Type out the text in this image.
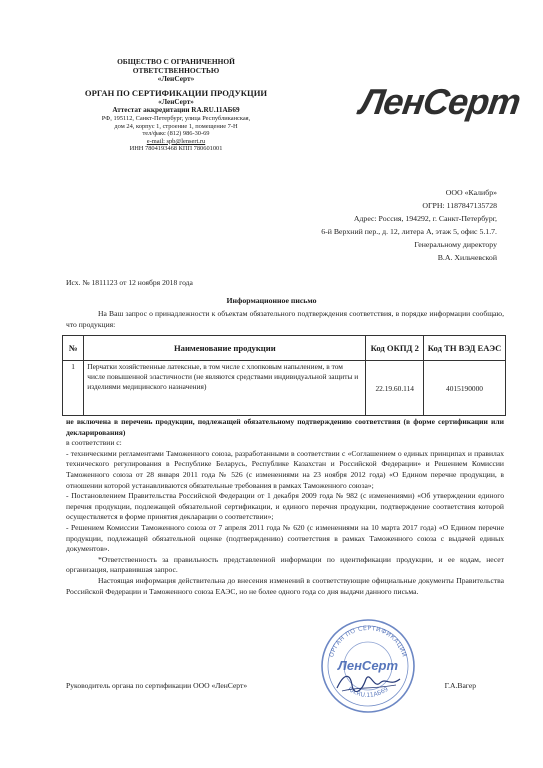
ОБЩЕСТВО С ОГРАНИЧЕННОЙ
ОТВЕТСТВЕННОСТЬЮ
«ЛенСерт»
ОРГАН ПО СЕРТИФИКАЦИИ ПРОДУКЦИИ
«ЛенСерт»
Аттестат аккредитации RA.RU.11АБ69
РФ, 195112, Санкт-Петербург, улица Республиканская,
дом 24, корпус 1, строение 1, помещение 7-Н
тел/факс (812) 986-30-69
e-mail: spb@lensert.ru
ИНН 7804193468 КПП 780601001
ЛенСерт
ООО «Калибр»
ОГРН: 1187847135728
Адрес: Россия, 194292, г. Санкт-Петербург,
6-й Верхний пер., д. 12, литера А, этаж 5, офис 5.1.7.
Генеральному директору
В.А. Хильчевской
Исх. № 1811123 от 12 ноября 2018 года
Информационное письмо
На Ваш запрос о принадлежности к объектам обязательного подтверждения соответствия, в порядке информации сообщаю, что продукция:
№	Наименование продукции	Код ОКПД 2	Код ТН ВЭД ЕАЭС
1	Перчатки хозяйственные латексные, в том числе с хлопковым напылением, в том числе повышенной эластичности (не являются средствами индивидуальной защиты и изделиями медицинского назначения)	22.19.60.114	4015190000

не включена в перечень продукции, подлежащей обязательному подтверждению соответствия (в форме сертификации или декларирования)

в соответствии с:

- техническими регламентами Таможенного союза, разработанными в соответствии с «Соглашением о единых принципах и правилах технического регулирования в Республике Беларусь, Республике Казахстан и Российской Федерации» и Решением Комиссии Таможенного союза от 28 января 2011 года № 526 (с изменениями на 23 ноября 2012 года) «О Едином перечне продукции, в отношении которой устанавливаются обязательные требования в рамках Таможенного союза»;

- Постановлением Правительства Российской Федерации от 1 декабря 2009 года № 982 (с изменениями) «Об утверждении единого перечня продукции, подлежащей обязательной сертификации, и единого перечня продукции, подтверждение соответствия которой осуществляется в форме принятия декларации о соответствии»;

- Решением Комиссии Таможенного союза от 7 апреля 2011 года № 620 (с изменениями на 10 марта 2017 года) «О Едином перечне продукции, подлежащей обязательной оценке (подтверждению) соответствия в рамках Таможенного союза с выдачей единых документов».

*Ответственность за правильность представленной информации по идентификации продукции, и ее кодам, несет организация, направившая запрос.

Настоящая информация действительна до внесения изменений в соответствующие официальные документы Правительства Российской Федерации и Таможенного союза ЕАЭС, но не более одного года со дня выдачи данного письма.

ОРГАН ПО СЕРТИФИКАЦИИ
RA.RU.11АБ69
ЛенСерт
Руководитель органа по сертификации ООО «ЛенСерт»	Г.А.Вагер
